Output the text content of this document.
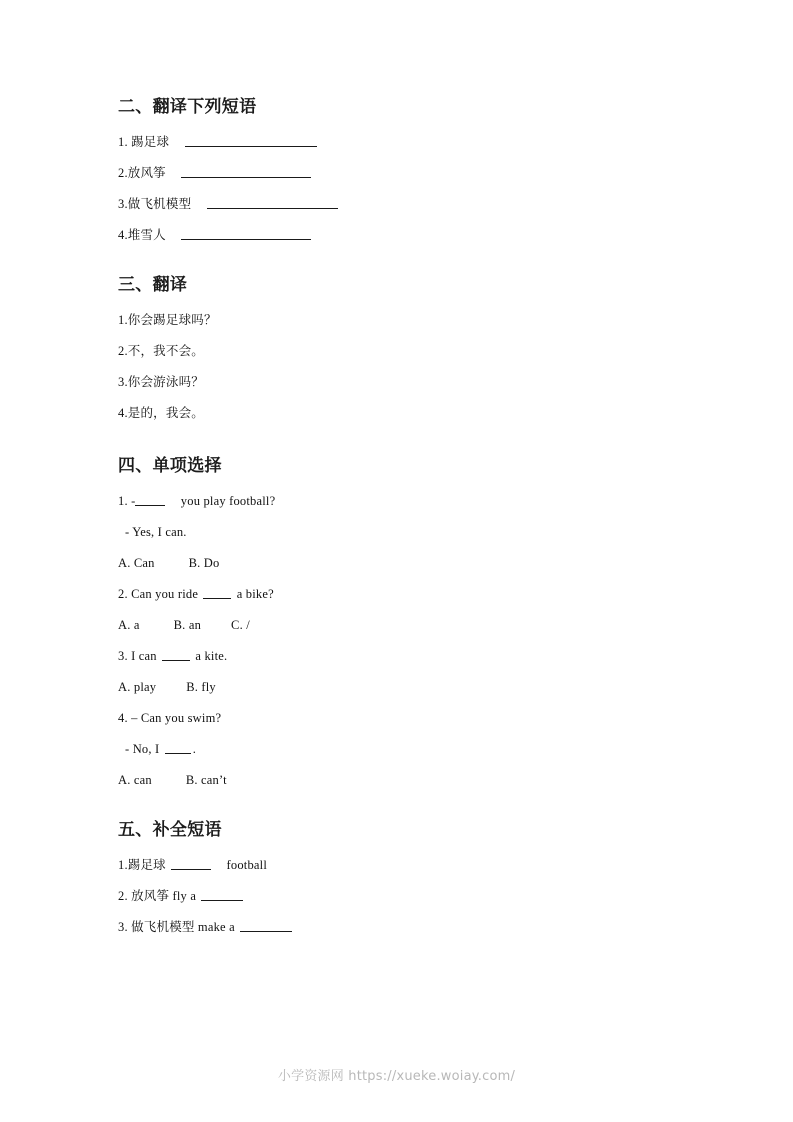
二、翻译下列短语
1. 踢足球
2.放风筝
3.做飞机模型
4.堆雪人
三、翻译
1.你会踢足球吗？
2.不，我不会。
3.你会游泳吗？
4.是的，我会。
四、单项选择
1. -	you play football?
- Yes, I can.
A. Can	B. Do
2. Can you ride	a bike?
A. a	B. an C. /
3. I can	a kite.
A. play B. fly
4. – Can you swim?
- No, I	.
A. can	B. can’t
五、补全短语
1.踢足球	football
2. 放风筝 fly a
3. 做飞机模型 make a
小学资源网 https://xueke.woiay.com/
